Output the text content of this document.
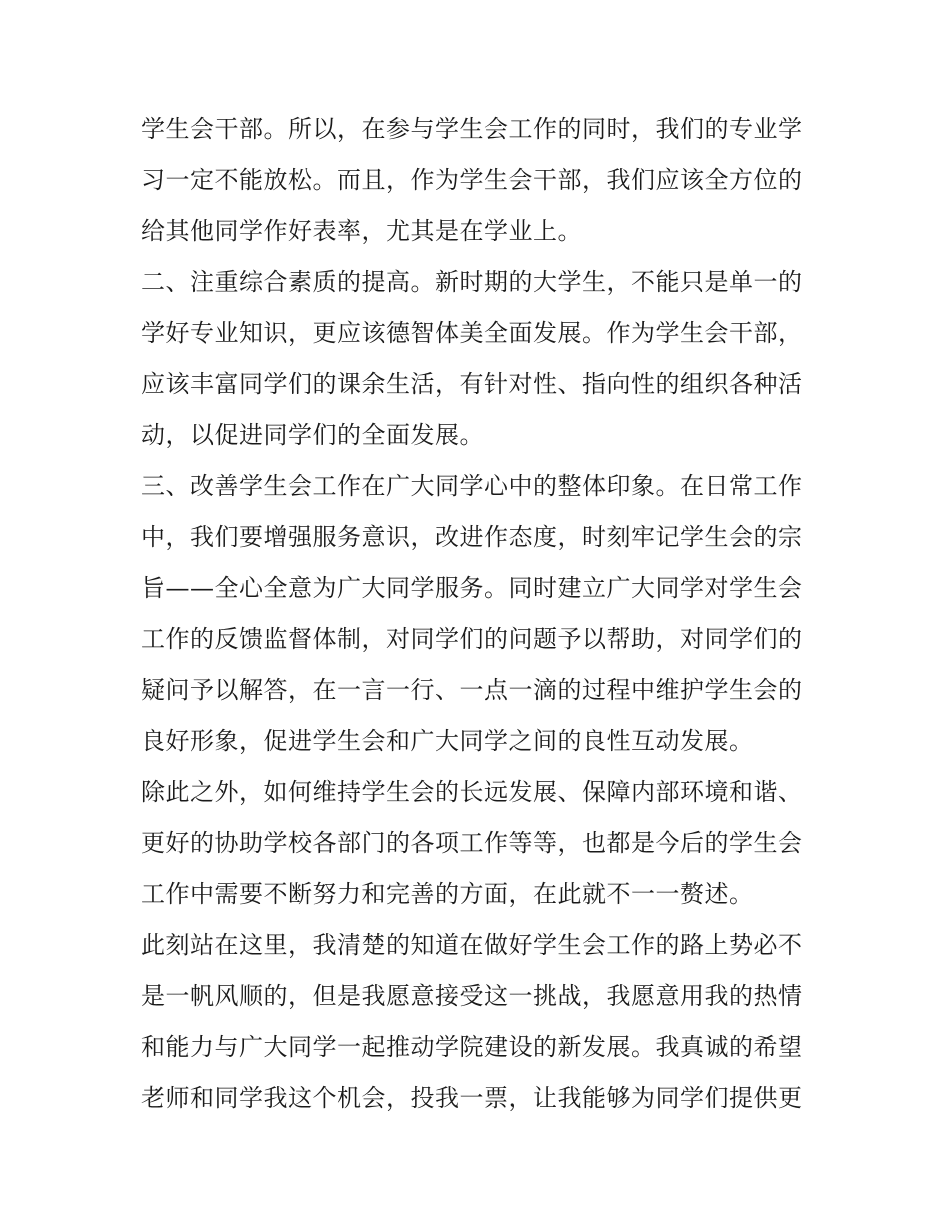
学生会干部。所以，在参与学生会工作的同时，我们的专业学
习一定不能放松。而且，作为学生会干部，我们应该全方位的
给其他同学作好表率，尤其是在学业上。
二、注重综合素质的提高。新时期的大学生，不能只是单一的
学好专业知识，更应该德智体美全面发展。作为学生会干部，
应该丰富同学们的课余生活，有针对性、指向性的组织各种活
动，以促进同学们的全面发展。
三、改善学生会工作在广大同学心中的整体印象。在日常工作
中，我们要增强服务意识，改进作态度，时刻牢记学生会的宗
旨——全心全意为广大同学服务。同时建立广大同学对学生会
工作的反馈监督体制，对同学们的问题予以帮助，对同学们的
疑问予以解答，在一言一行、一点一滴的过程中维护学生会的
良好形象，促进学生会和广大同学之间的良性互动发展。
除此之外，如何维持学生会的长远发展、保障内部环境和谐、
更好的协助学校各部门的各项工作等等，也都是今后的学生会
工作中需要不断努力和完善的方面，在此就不一一赘述。
此刻站在这里，我清楚的知道在做好学生会工作的路上势必不
是一帆风顺的，但是我愿意接受这一挑战，我愿意用我的热情
和能力与广大同学一起推动学院建设的新发展。我真诚的希望
老师和同学我这个机会，投我一票，让我能够为同学们提供更
